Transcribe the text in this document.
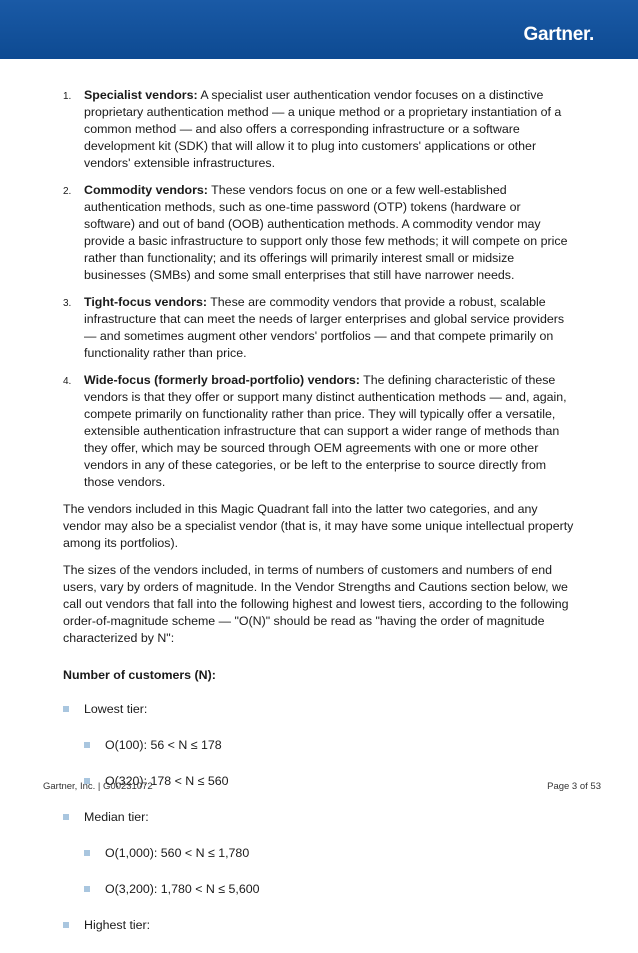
Gartner.
1. Specialist vendors: A specialist user authentication vendor focuses on a distinctive proprietary authentication method — a unique method or a proprietary instantiation of a common method — and also offers a corresponding infrastructure or a software development kit (SDK) that will allow it to plug into customers' applications or other vendors' extensible infrastructures.
2. Commodity vendors: These vendors focus on one or a few well-established authentication methods, such as one-time password (OTP) tokens (hardware or software) and out of band (OOB) authentication methods. A commodity vendor may provide a basic infrastructure to support only those few methods; it will compete on price rather than functionality; and its offerings will primarily interest small or midsize businesses (SMBs) and some small enterprises that still have narrower needs.
3. Tight-focus vendors: These are commodity vendors that provide a robust, scalable infrastructure that can meet the needs of larger enterprises and global service providers — and sometimes augment other vendors' portfolios — and that compete primarily on functionality rather than price.
4. Wide-focus (formerly broad-portfolio) vendors: The defining characteristic of these vendors is that they offer or support many distinct authentication methods — and, again, compete primarily on functionality rather than price. They will typically offer a versatile, extensible authentication infrastructure that can support a wider range of methods than they offer, which may be sourced through OEM agreements with one or more other vendors in any of these categories, or be left to the enterprise to source directly from those vendors.

The vendors included in this Magic Quadrant fall into the latter two categories, and any vendor may also be a specialist vendor (that is, it may have some unique intellectual property among its portfolios).

The sizes of the vendors included, in terms of numbers of customers and numbers of end users, vary by orders of magnitude. In the Vendor Strengths and Cautions section below, we call out vendors that fall into the following highest and lowest tiers, according to the following order-of-magnitude scheme — "O(N)" should be read as "having the order of magnitude characterized by N":

Number of customers (N):
Lowest tier:
O(100): 56 < N ≤ 178
O(320): 178 < N ≤ 560
Median tier:
O(1,000): 560 < N ≤ 1,780
O(3,200): 1,780 < N ≤ 5,600
Highest tier:
Gartner, Inc. | G00231072	Page 3 of 53
